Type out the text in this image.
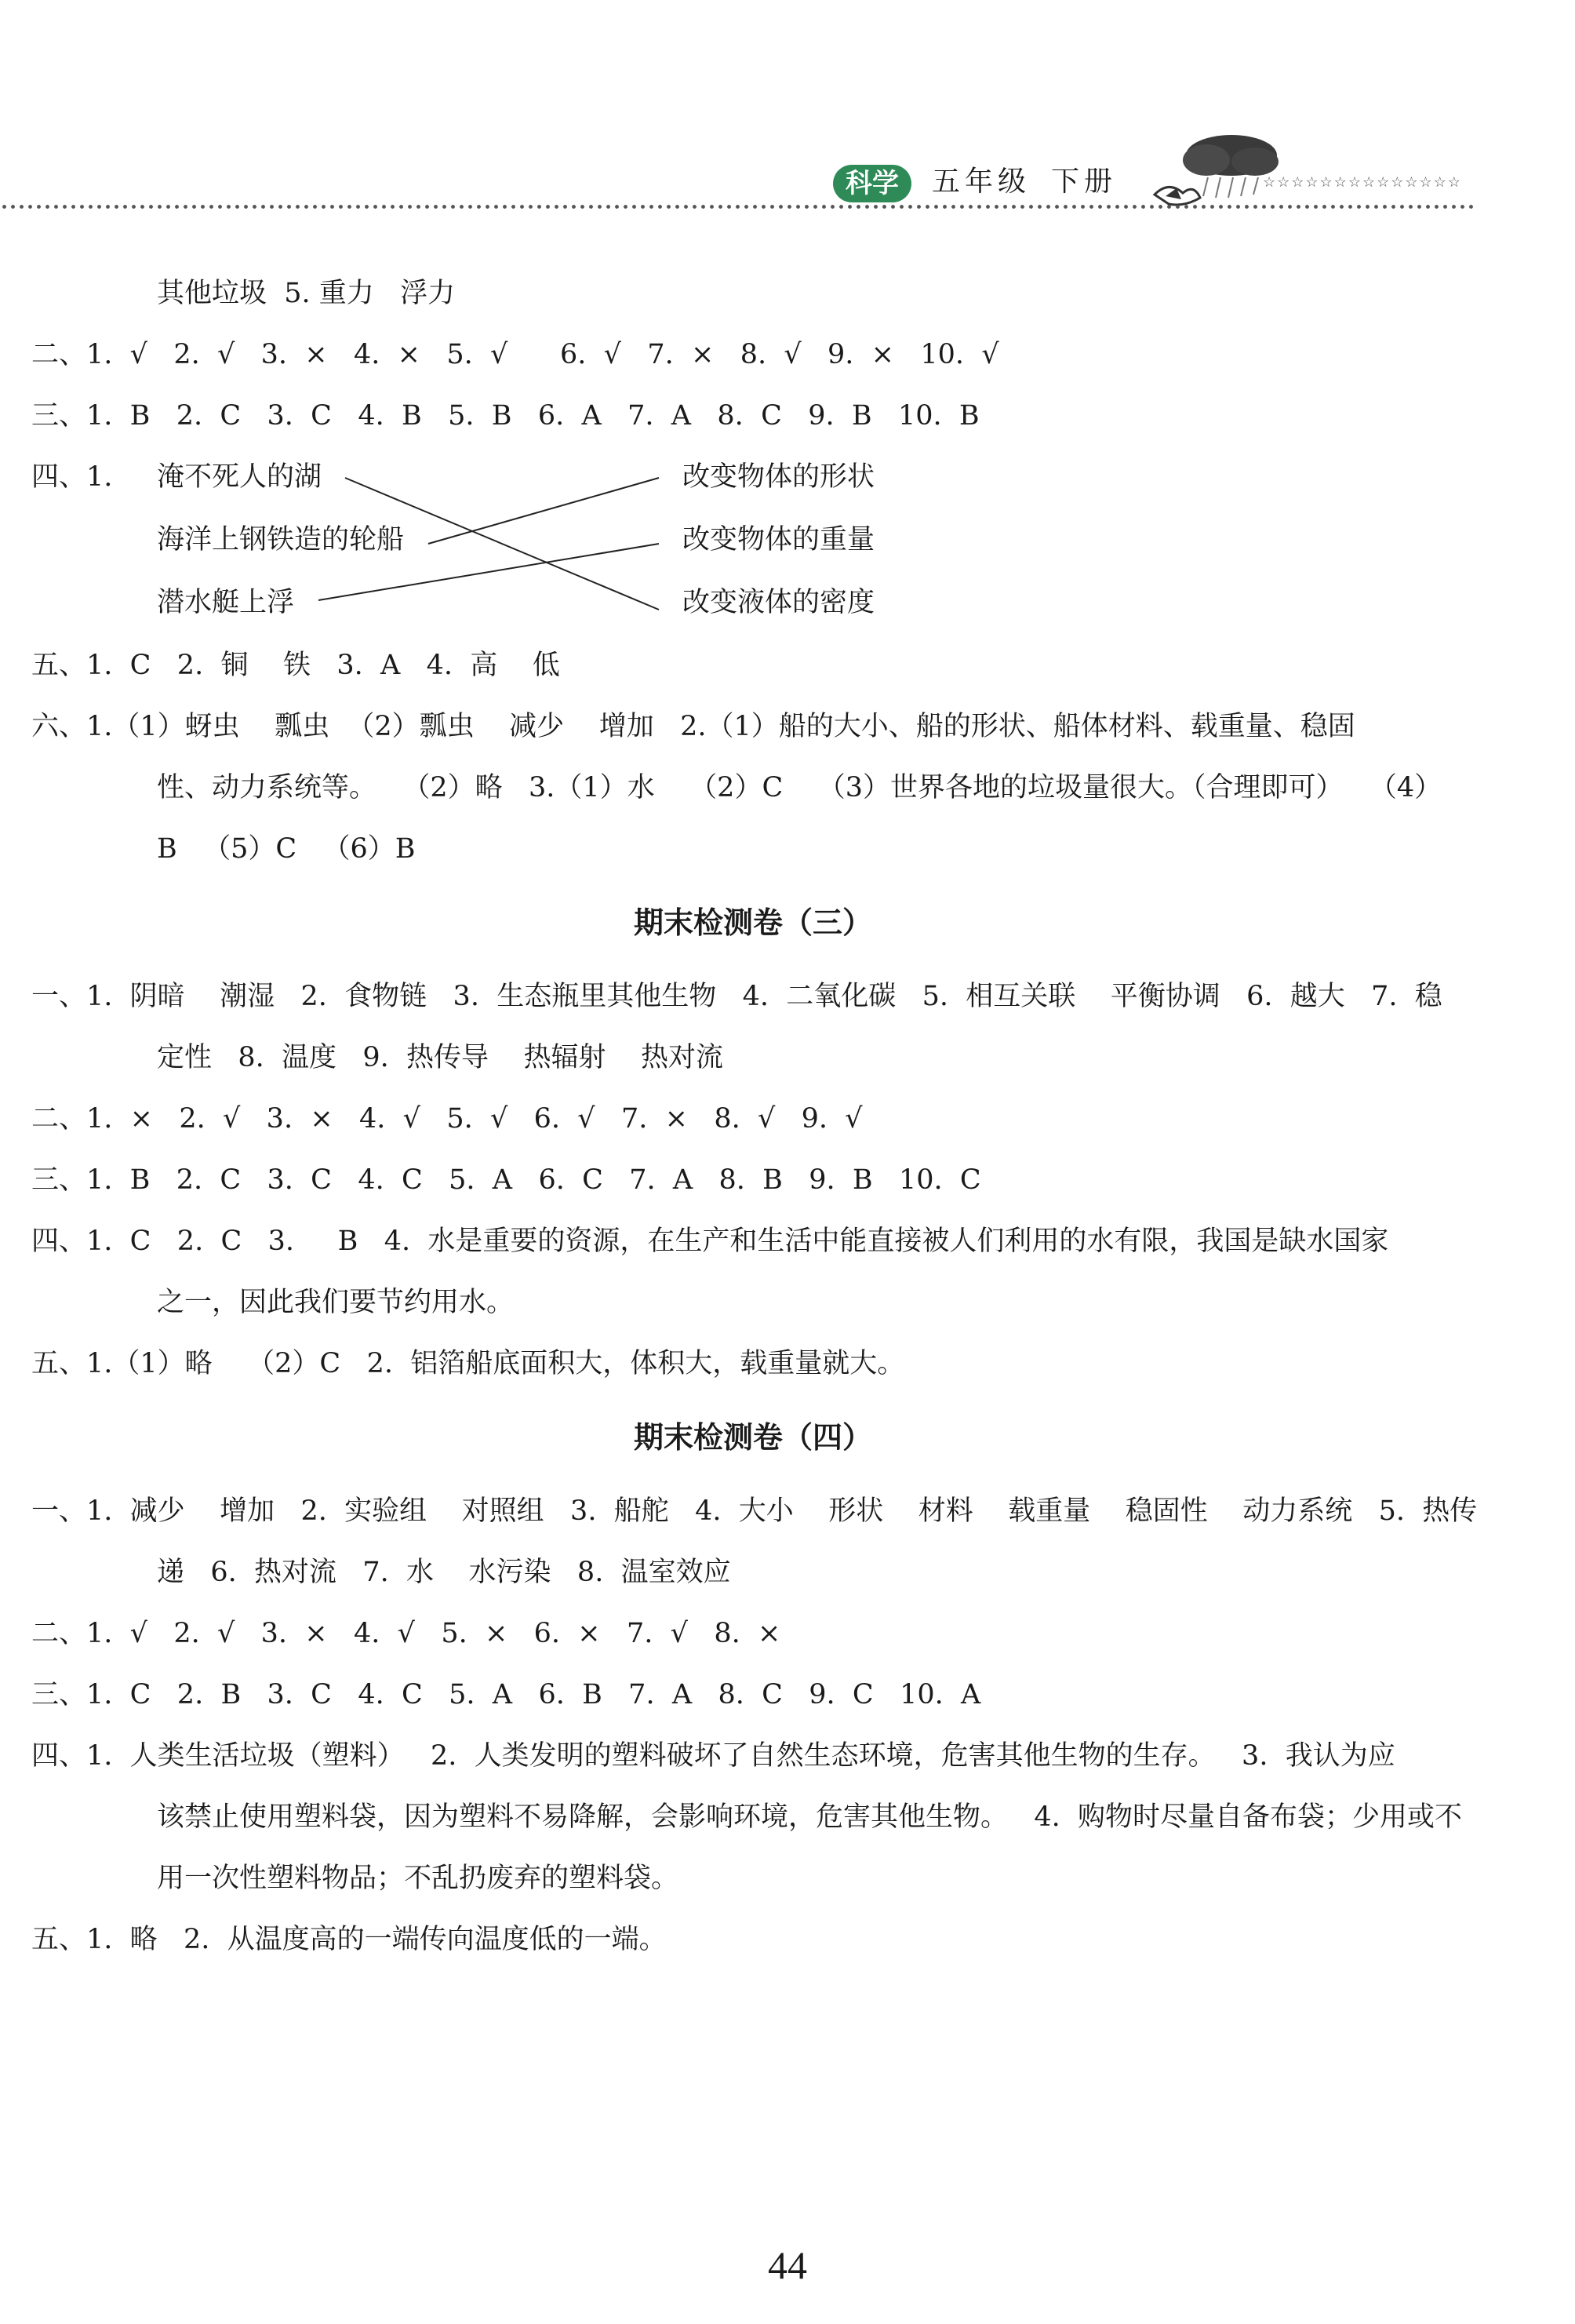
科学	五年级 下册	☆☆☆☆☆☆☆☆☆☆☆☆☆☆
其他垃圾  5. 重力   浮力
二、1.  √   2.  √   3.  ×   4.  ×   5.  √      6.  √   7.  ×   8.  √   9.  ×   10.  √
三、1.  B   2.  C   3.  C   4.  B   5.  B   6.  A   7.  A   8.  C   9.  B   10.  B
四、1. 淹不死人的湖
海洋上钢铁造的轮船
潜水艇上浮
改变物体的形状
改变物体的重量
改变液体的密度
五、1.  C   2.  铜    铁   3.  A   4.  高    低
六、1.（1）蚜虫    瓢虫  （2）瓢虫    减少    增加   2.（1）船的大小、船的形状、船体材料、载重量、稳固
性、动力系统等。   （2）略   3.（1）水    （2）C    （3）世界各地的垃圾量很大。（合理即可）   （4）
B   （5）C   （6）B
期末检测卷（三）
一、1.  阴暗    潮湿   2.  食物链   3.  生态瓶里其他生物   4.  二氧化碳   5.  相互关联    平衡协调   6.  越大   7.  稳
定性   8.  温度   9.  热传导    热辐射    热对流
二、1.  ×   2.  √   3.  ×   4.  √   5.  √   6.  √   7.  ×   8.  √   9.  √
三、1.  B   2.  C   3.  C   4.  C   5.  A   6.  C   7.  A   8.  B   9.  B   10.  C
四、1.  C   2.  C   3.     B   4.  水是重要的资源，在生产和生活中能直接被人们利用的水有限，我国是缺水国家
之一，因此我们要节约用水。
五、1.（1）略    （2）C   2.  铝箔船底面积大，体积大，载重量就大。
期末检测卷（四）
一、1.  减少    增加   2.  实验组    对照组   3.  船舵   4.  大小    形状    材料    载重量    稳固性    动力系统   5.  热传
递   6.  热对流   7.  水    水污染   8.  温室效应
二、1.  √   2.  √   3.  ×   4.  √   5.  ×   6.  ×   7.  √   8.  ×
三、1.  C   2.  B   3.  C   4.  C   5.  A   6.  B   7.  A   8.  C   9.  C   10.  A
四、1.  人类生活垃圾（塑料）   2.  人类发明的塑料破坏了自然生态环境，危害其他生物的生存。   3.  我认为应
该禁止使用塑料袋，因为塑料不易降解，会影响环境，危害其他生物。   4.  购物时尽量自备布袋；少用或不
用一次性塑料物品；不乱扔废弃的塑料袋。
五、1.  略   2.  从温度高的一端传向温度低的一端。
44
